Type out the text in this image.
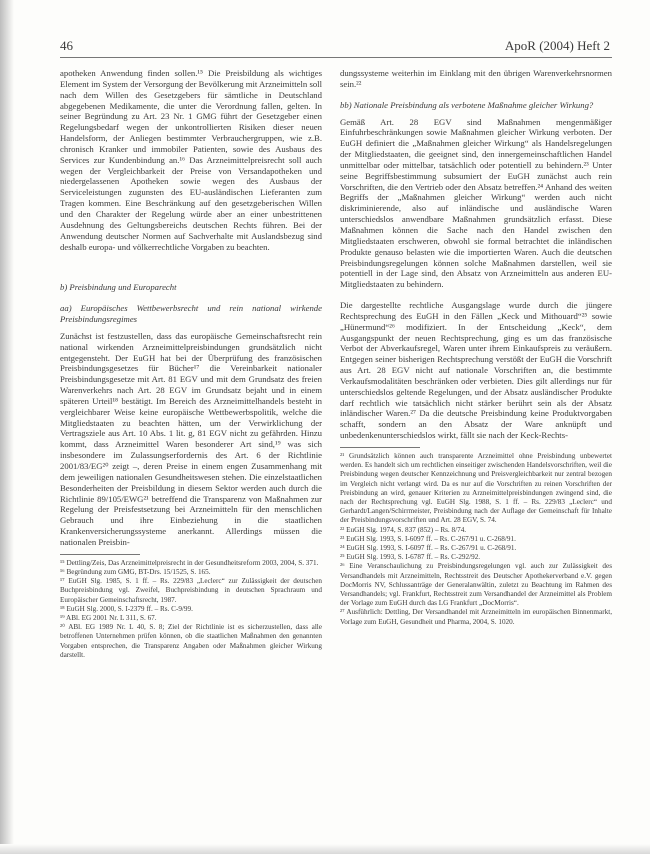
46	ApoR (2004) Heft 2

apotheken Anwendung finden sollen.¹⁵ Die Preisbildung als wichtiges Element im System der Versorgung der Bevölkerung mit Arzneimitteln soll nach dem Willen des Gesetzgebers für sämtliche in Deutschland abgegebenen Medikamente, die unter die Verordnung fallen, gelten. In seiner Begründung zu Art. 23 Nr. 1 GMG führt der Gesetzgeber einen Regelungsbedarf wegen der unkontrollierten Risiken dieser neuen Handelsform, der Anliegen bestimmter Verbrauchergruppen, wie z.B. chronisch Kranker und immobiler Patienten, sowie des Ausbaus des Services zur Kundenbindung an.¹⁶ Das Arzneimittelpreisrecht soll auch wegen der Vergleichbarkeit der Preise von Versandapotheken und niedergelassenen Apotheken sowie wegen des Ausbaus der Serviceleistungen zugunsten des EU-ausländischen Lieferanten zum Tragen kommen. Eine Beschränkung auf den gesetzgeberischen Willen und den Charakter der Regelung würde aber an einer unbestrittenen Ausdehnung des Geltungsbereichs deutschen Rechts führen. Bei der Anwendung deutscher Normen auf Sachverhalte mit Auslandsbezug sind deshalb europa- und völkerrechtliche Vorgaben zu beachten.

b) Preisbindung und Europarecht

aa) Europäisches Wettbewerbsrecht und rein national wirkende Preisbindungsregimes

Zunächst ist festzustellen, dass das europäische Gemeinschaftsrecht rein national wirkenden Arzneimittelpreisbindungen grundsätzlich nicht entgegensteht. Der EuGH hat bei der Überprüfung des französischen Preisbindungsgesetzes für Bücher¹⁷ die Vereinbarkeit nationaler Preisbindungsgesetze mit Art. 81 EGV und mit dem Grundsatz des freien Warenverkehrs nach Art. 28 EGV im Grundsatz bejaht und in einem späteren Urteil¹⁸ bestätigt. Im Bereich des Arzneimittelhandels besteht in vergleichbarer Weise keine europäische Wettbewerbspolitik, welche die Mitgliedstaaten zu beachten hätten, um der Verwirklichung der Vertragsziele aus Art. 10 Abs. 1 lit. g, 81 EGV nicht zu gefährden. Hinzu kommt, dass Arzneimittel Waren besonderer Art sind,¹⁹ was sich insbesondere im Zulassungserfordernis des Art. 6 der Richtlinie 2001/83/EG²⁰ zeigt –, deren Preise in einem engen Zusammenhang mit dem jeweiligen nationalen Gesundheitswesen stehen. Die einzelstaatlichen Besonderheiten der Preisbildung in diesem Sektor werden auch durch die Richtlinie 89/105/EWG²¹ betreffend die Transparenz von Maßnahmen zur Regelung der Preisfestsetzung bei Arzneimitteln für den menschlichen Gebrauch und ihre Einbeziehung in die staatlichen Krankenversicherungssysteme anerkannt. Allerdings müssen die nationalen Preisbin-

¹⁵ Dettling/Zeis, Das Arzneimittelpreisrecht in der Gesundheitsreform 2003, 2004, S. 371.

¹⁶ Begründung zum GMG, BT-Drs. 15/1525, S. 165.

¹⁷ EuGH Slg. 1985, S. 1 ff. – Rs. 229/83 „Leclerc“ zur Zulässigkeit der deutschen Buchpreisbindung vgl. Zweifel, Buchpreisbindung in deutschen Sprachraum und Europäischer Gemeinschaftsrecht, 1987.

¹⁸ EuGH Slg. 2000, S. I-2379 ff. – Rs. C-9/99.

¹⁹ ABl. EG 2001 Nr. L 311, S. 67.

²⁰ ABl. EG 1989 Nr. L 40, S. 8; Ziel der Richtlinie ist es sicherzustellen, dass alle betroffenen Unternehmen prüfen können, ob die staatlichen Maßnahmen den genannten Vorgaben entsprechen, die Transparenz Angaben oder Maßnahmen gleicher Wirkung darstellt.

dungssysteme weiterhin im Einklang mit den übrigen Warenverkehrsnormen sein.²²

bb) Nationale Preisbindung als verbotene Maßnahme gleicher Wirkung?

Gemäß Art. 28 EGV sind Maßnahmen mengenmäßiger Einfuhrbeschränkungen sowie Maßnahmen gleicher Wirkung verboten. Der EuGH definiert die „Maßnahmen gleicher Wirkung“ als Handelsregelungen der Mitgliedstaaten, die geeignet sind, den innergemeinschaftlichen Handel unmittelbar oder mittelbar, tatsächlich oder potentiell zu behindern.²³ Unter seine Begriffsbestimmung subsumiert der EuGH zunächst auch rein Vorschriften, die den Vertrieb oder den Absatz betreffen.²⁴ Anhand des weiten Begriffs der „Maßnahmen gleicher Wirkung“ werden auch nicht diskriminierende, also auf inländische und ausländische Waren unterschiedslos anwendbare Maßnahmen grundsätzlich erfasst. Diese Maßnahmen können die Sache nach den Handel zwischen den Mitgliedstaaten erschweren, obwohl sie formal betrachtet die inländischen Produkte genauso belasten wie die importierten Waren. Auch die deutschen Preisbindungsregelungen können solche Maßnahmen darstellen, weil sie potentiell in der Lage sind, den Absatz von Arzneimitteln aus anderen EU-Mitgliedstaaten zu behindern.

Die dargestellte rechtliche Ausgangslage wurde durch die jüngere Rechtsprechung des EuGH in den Fällen „Keck und Mithouard“²⁵ sowie „Hünermund“²⁶ modifiziert. In der Entscheidung „Keck“, dem Ausgangspunkt der neuen Rechtsprechung, ging es um das französische Verbot der Abverkaufsregel, Waren unter ihrem Einkaufspreis zu veräußern. Entgegen seiner bisherigen Rechtsprechung verstößt der EuGH die Vorschrift aus Art. 28 EGV nicht auf nationale Vorschriften an, die bestimmte Verkaufsmodalitäten beschränken oder verbieten. Dies gilt allerdings nur für unterschiedslos geltende Regelungen, und der Absatz ausländischer Produkte darf rechtlich wie tatsächlich nicht stärker berührt sein als der Absatz inländischer Waren.²⁷ Da die deutsche Preisbindung keine Produktvorgaben schafft, sondern an den Absatz der Ware anknüpft und unbedenkenunterschiedslos wirkt, fällt sie nach der Keck-Rechts-

²¹ Grundsätzlich können auch transparente Arzneimittel ohne Preisbindung unbewertet werden. Es handelt sich um rechtlichen einseitiger zwischenden Handelsvorschriften, weil die Preisbindung wegen deutscher Kennzeichnung und Preisvergleichbarkeit nur zentral bezogen im Vergleich nicht verlangt wird. Da es nur auf die Vorschriften zu reinen Vorschriften der Preisbindung an wird, genauer Kriterien zu Arzneimittelpreisbindungen zwingend sind, die nach der Rechtsprechung vgl. EuGH Slg. 1988, S. 1 ff. – Rs. 229/83 „Leclerc“ und Gerhardt/Langen/Schirrmeister, Preisbindung nach der Auflage der Gemeinschaft für Inhalte der Preisbindungsvorschriften und Art. 28 EGV, S. 74.

²² EuGH Slg. 1974, S. 837 (852) – Rs. 8/74.

²³ EuGH Slg. 1993, S. I-6097 ff. – Rs. C-267/91 u. C-268/91.

²⁴ EuGH Slg. 1993, S. I-6097 ff. – Rs. C-267/91 u. C-268/91.

²⁵ EuGH Slg. 1993, S. I-6787 ff. – Rs. C-292/92.

²⁶ Eine Veranschaulichung zu Preisbindungsregelungen vgl. auch zur Zulässigkeit des Versandhandels mit Arzneimitteln, Rechtsstreit des Deutscher Apothekerverband e.V. gegen DocMorris NV, Schlussanträge der Generalanwältin, zuletzt zu Beachtung im Rahmen des Versandhandels; vgl. Frankfurt, Rechtsstreit zum Versandhandel der Arzneimittel als Problem der Vorlage zum EuGH durch das LG Frankfurt „DocMorris“.

²⁷ Ausführlich: Dettling, Der Versandhandel mit Arzneimitteln im europäischen Binnenmarkt, Vorlage zum EuGH, Gesundheit und Pharma, 2004, S. 1020.
